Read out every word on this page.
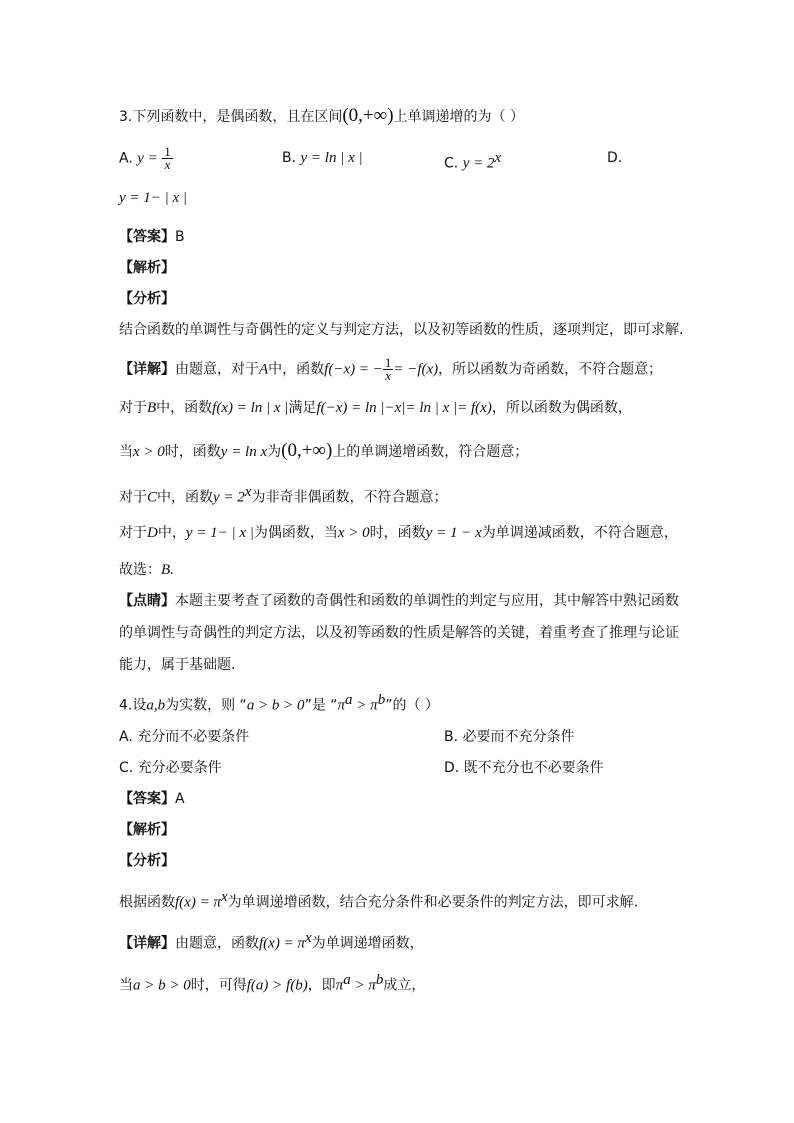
3.下列函数中，是偶函数，且在区间(0,+∞)上单调递增的为（ ）
A. $y = \frac{1}{x}$	B. y = ln | x |	C. $y = 2^x$	D.
y = 1− | x |
【答案】B
【解析】
【分析】
结合函数的单调性与奇偶性的定义与判定方法，以及初等函数的性质，逐项判定，即可求解.
【详解】由题意，对于A中，函数f(−x) = − $\frac{1}{x} = -f(x)$，所以函数为奇函数，不符合题意；
对于B中，函数f(x) = ln | x |满足f(−x) = ln |−x|= ln | x |= f(x)，所以函数为偶函数，
当x > 0时，函数y = ln x为(0,+∞)上的单调递增函数，符合题意；
对于C中，函数$y = 2^x$为非奇非偶函数，不符合题意；
对于D中，y = 1− | x |为偶函数，当x > 0时，函数y = 1 − x为单调递减函数，不符合题意，
故选：B.
【点睛】本题主要考查了函数的奇偶性和函数的单调性的判定与应用，其中解答中熟记函数
的单调性与奇偶性的判定方法，以及初等函数的性质是解答的关键，着重考查了推理与论证
能力，属于基础题.
4.设a,b为实数，则 “a > b > 0”是 “$\pi^a > \pi^b$”的（ ）
A. 充分而不必要条件	B. 必要而不充分条件
C. 充分必要条件	D. 既不充分也不必要条件
【答案】A
【解析】
【分析】
根据函数$f(x) = \pi^x$为单调递增函数，结合充分条件和必要条件的判定方法，即可求解.
【详解】由题意，函数$f(x) = \pi^x$为单调递增函数，
当a > b > 0时，可得f(a) > f(b)，即$\pi^a > \pi^b$成立，
